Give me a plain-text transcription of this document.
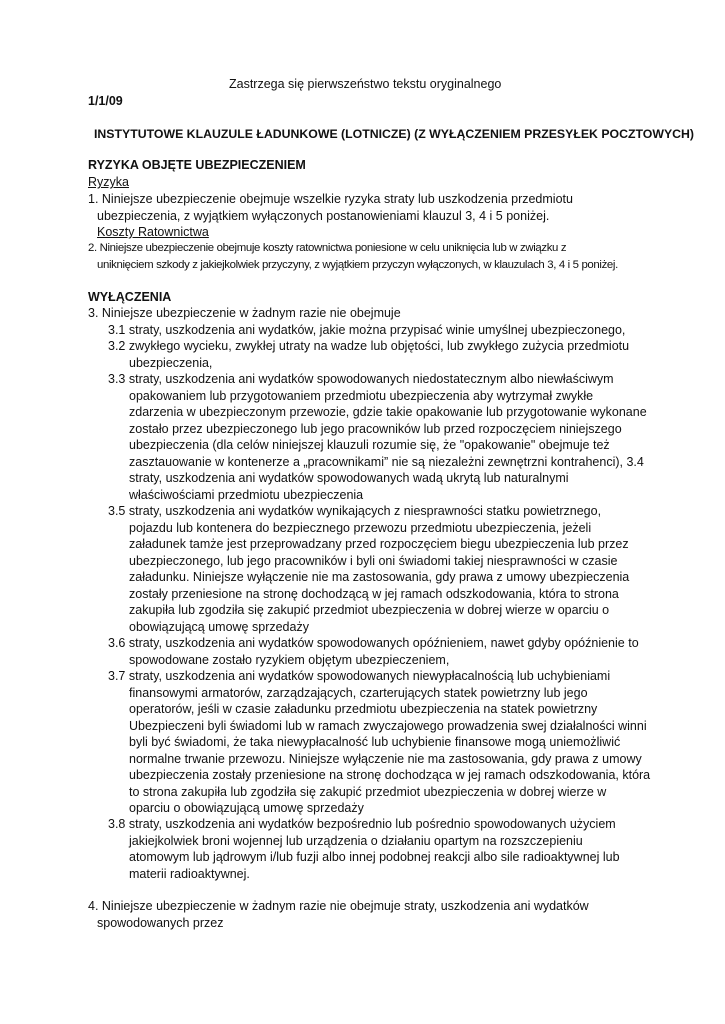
Zastrzega się pierwszeństwo tekstu oryginalnego
1/1/09
INSTYTUTOWE KLAUZULE ŁADUNKOWE (LOTNICZE) (Z WYŁĄCZENIEM PRZESYŁEK POCZTOWYCH)
RYZYKA OBJĘTE UBEZPIECZENIEM
Ryzyka
1. Niniejsze ubezpieczenie obejmuje wszelkie ryzyka straty lub uszkodzenia przedmiotu
ubezpieczenia, z wyjątkiem wyłączonych postanowieniami klauzul 3, 4 i 5 poniżej.
Koszty Ratownictwa
2. Niniejsze ubezpieczenie obejmuje koszty ratownictwa poniesione w celu uniknięcia lub w związku z
uniknięciem szkody z jakiejkolwiek przyczyny, z wyjątkiem przyczyn wyłączonych, w klauzulach 3, 4 i 5 poniżej.
WYŁĄCZENIA
3. Niniejsze ubezpieczenie w żadnym razie nie obejmuje
3.1 straty, uszkodzenia ani wydatków, jakie można przypisać winie umyślnej ubezpieczonego,
3.2 zwykłego wycieku, zwykłej utraty na wadze lub objętości, lub zwykłego zużycia przedmiotu
ubezpieczenia,
3.3 straty, uszkodzenia ani wydatków spowodowanych niedostatecznym albo niewłaściwym
opakowaniem lub przygotowaniem przedmiotu ubezpieczenia aby wytrzymał zwykłe
zdarzenia w ubezpieczonym przewozie, gdzie takie opakowanie lub przygotowanie wykonane
zostało przez ubezpieczonego lub jego pracowników lub przed rozpoczęciem niniejszego
ubezpieczenia (dla celów niniejszej klauzuli rozumie się, że "opakowanie" obejmuje też
zasztauowanie w kontenerze a „pracownikami” nie są niezależni zewnętrzni kontrahenci), 3.4
straty, uszkodzenia ani wydatków spowodowanych wadą ukrytą lub naturalnymi
właściwościami przedmiotu ubezpieczenia
3.5 straty, uszkodzenia ani wydatków wynikających z niesprawności statku powietrznego,
pojazdu lub kontenera do bezpiecznego przewozu przedmiotu ubezpieczenia, jeżeli
załadunek tamże jest przeprowadzany przed rozpoczęciem biegu ubezpieczenia lub przez
ubezpieczonego, lub jego pracowników i byli oni świadomi takiej niesprawności w czasie
załadunku. Niniejsze wyłączenie nie ma zastosowania, gdy prawa z umowy ubezpieczenia
zostały przeniesione na stronę dochodzącą w jej ramach odszkodowania, która to strona
zakupiła lub zgodziła się zakupić przedmiot ubezpieczenia w dobrej wierze w oparciu o
obowiązującą umowę sprzedaży
3.6 straty, uszkodzenia ani wydatków spowodowanych opóźnieniem, nawet gdyby opóźnienie to
spowodowane zostało ryzykiem objętym ubezpieczeniem,
3.7 straty, uszkodzenia ani wydatków spowodowanych niewypłacalnością lub uchybieniami
finansowymi armatorów, zarządzających, czarterujących statek powietrzny lub jego
operatorów, jeśli w czasie załadunku przedmiotu ubezpieczenia na statek powietrzny
Ubezpieczeni byli świadomi lub w ramach zwyczajowego prowadzenia swej działalności winni
byli być świadomi, że taka niewypłacalność lub uchybienie finansowe mogą uniemożliwić
normalne trwanie przewozu. Niniejsze wyłączenie nie ma zastosowania, gdy prawa z umowy
ubezpieczenia zostały przeniesione na stronę dochodząca w jej ramach odszkodowania, która
to strona zakupiła lub zgodziła się zakupić przedmiot ubezpieczenia w dobrej wierze w
oparciu o obowiązującą umowę sprzedaży
3.8 straty, uszkodzenia ani wydatków bezpośrednio lub pośrednio spowodowanych użyciem
jakiejkolwiek broni wojennej lub urządzenia o działaniu opartym na rozszczepieniu
atomowym lub jądrowym i/lub fuzji albo innej podobnej reakcji albo sile radioaktywnej lub
materii radioaktywnej.
4. Niniejsze ubezpieczenie w żadnym razie nie obejmuje straty, uszkodzenia ani wydatków
spowodowanych przez
